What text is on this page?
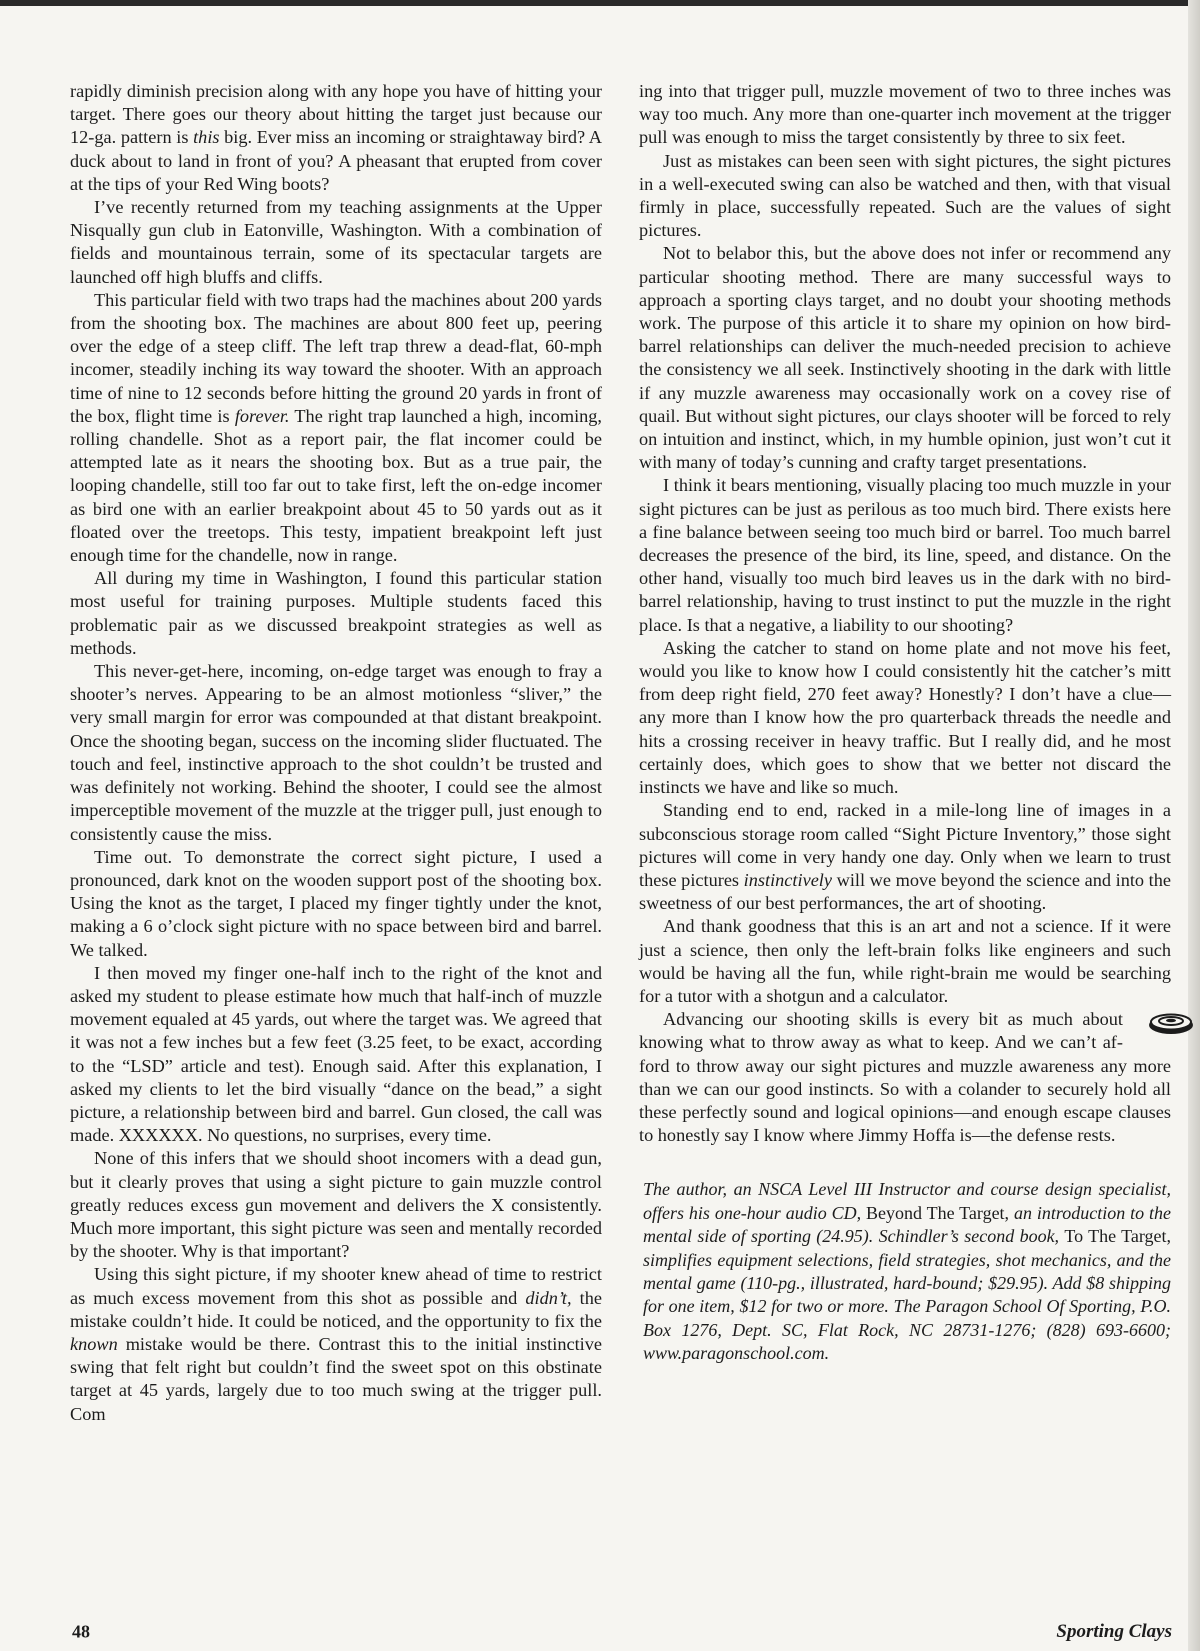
rapidly diminish precision along with any hope you have of hitting your target. There goes our theory about hitting the target just because our 12-ga. pattern is this big. Ever miss an incoming or straightaway bird? A duck about to land in front of you? A pheasant that erupted from cover at the tips of your Red Wing boots?

I’ve recently returned from my teaching assignments at the Upper Nisqually gun club in Eatonville, Washington. With a combination of fields and mountainous terrain, some of its spectacular targets are launched off high bluffs and cliffs.

This particular field with two traps had the machines about 200 yards from the shooting box. The machines are about 800 feet up, peering over the edge of a steep cliff. The left trap threw a dead-flat, 60-mph incomer, steadily inching its way toward the shooter. With an approach time of nine to 12 seconds before hitting the ground 20 yards in front of the box, flight time is forever. The right trap launched a high, incoming, rolling chandelle. Shot as a report pair, the flat incomer could be attempted late as it nears the shooting box. But as a true pair, the looping chandelle, still too far out to take first, left the on-edge incomer as bird one with an earlier breakpoint about 45 to 50 yards out as it floated over the treetops. This testy, impatient breakpoint left just enough time for the chandelle, now in range.

All during my time in Washington, I found this particular station most useful for training purposes. Multiple students faced this problematic pair as we discussed breakpoint strategies as well as methods.

This never-get-here, incoming, on-edge target was enough to fray a shooter’s nerves. Appearing to be an almost motionless “sliver,” the very small margin for error was compounded at that distant breakpoint. Once the shooting began, success on the incoming slider fluctuated. The touch and feel, instinctive approach to the shot couldn’t be trusted and was definitely not working. Behind the shooter, I could see the almost imperceptible movement of the muzzle at the trigger pull, just enough to consistently cause the miss.

Time out. To demonstrate the correct sight picture, I used a pronounced, dark knot on the wooden support post of the shooting box. Using the knot as the target, I placed my finger tightly under the knot, making a 6 o’clock sight picture with no space between bird and barrel. We talked.

I then moved my finger one-half inch to the right of the knot and asked my student to please estimate how much that half-inch of muzzle movement equaled at 45 yards, out where the target was. We agreed that it was not a few inches but a few feet (3.25 feet, to be exact, according to the “LSD” article and test). Enough said. After this explanation, I asked my clients to let the bird visually “dance on the bead,” a sight picture, a relationship between bird and barrel. Gun closed, the call was made. XXXXXX. No questions, no surprises, every time.

None of this infers that we should shoot incomers with a dead gun, but it clearly proves that using a sight picture to gain muzzle control greatly reduces excess gun movement and delivers the X consistently. Much more important, this sight picture was seen and mentally recorded by the shooter. Why is that important?

Using this sight picture, if my shooter knew ahead of time to restrict as much excess movement from this shot as possible and didn’t, the mistake couldn’t hide. It could be noticed, and the opportunity to fix the known mistake would be there. Contrast this to the initial instinctive swing that felt right but couldn’t find the sweet spot on this obstinate target at 45 yards, largely due to too much swing at the trigger pull. Com

ing into that trigger pull, muzzle movement of two to three inches was way too much. Any more than one-quarter inch movement at the trigger pull was enough to miss the target consistently by three to six feet.

Just as mistakes can been seen with sight pictures, the sight pictures in a well-executed swing can also be watched and then, with that visual firmly in place, successfully repeated. Such are the values of sight pictures.

Not to belabor this, but the above does not infer or recommend any particular shooting method. There are many successful ways to approach a sporting clays target, and no doubt your shooting methods work. The purpose of this article it to share my opinion on how bird-barrel relationships can deliver the much-needed precision to achieve the consistency we all seek. Instinctively shooting in the dark with little if any muzzle awareness may occasionally work on a covey rise of quail. But without sight pictures, our clays shooter will be forced to rely on intuition and instinct, which, in my humble opinion, just won’t cut it with many of today’s cunning and crafty target presentations.

I think it bears mentioning, visually placing too much muzzle in your sight pictures can be just as perilous as too much bird. There exists here a fine balance between seeing too much bird or barrel. Too much barrel decreases the presence of the bird, its line, speed, and distance. On the other hand, visually too much bird leaves us in the dark with no bird-barrel relationship, having to trust instinct to put the muzzle in the right place. Is that a negative, a liability to our shooting?

Asking the catcher to stand on home plate and not move his feet, would you like to know how I could consistently hit the catcher’s mitt from deep right field, 270 feet away? Honestly? I don’t have a clue—any more than I know how the pro quarterback threads the needle and hits a crossing receiver in heavy traffic. But I really did, and he most certainly does, which goes to show that we better not discard the instincts we have and like so much.

Standing end to end, racked in a mile-long line of images in a subconscious storage room called “Sight Picture Inventory,” those sight pictures will come in very handy one day. Only when we learn to trust these pictures instinctively will we move beyond the science and into the sweetness of our best performances, the art of shooting.

And thank goodness that this is an art and not a science. If it were just a science, then only the left-brain folks like engineers and such would be having all the fun, while right-brain me would be searching for a tutor with a shotgun and a calculator.

Advancing our shooting skills is every bit as much about knowing what to throw away as what to keep. And we can’t afford to throw away our sight pictures and muzzle awareness any more than we can our good instincts. So with a colander to securely hold all these perfectly sound and logical opinions—and enough escape clauses to honestly say I know where Jimmy Hoffa is—the defense rests.

The author, an NSCA Level III Instructor and course design specialist, offers his one-hour audio CD, Beyond The Target, an introduction to the mental side of sporting (24.95). Schindler’s second book, To The Target, simplifies equipment selections, field strategies, shot mechanics, and the mental game (110-pg., illustrated, hard-bound; $29.95). Add $8 shipping for one item, $12 for two or more. The Paragon School Of Sporting, P.O. Box 1276, Dept. SC, Flat Rock, NC 28731-1276; (828) 693-6600; www.paragonschool.com.

48	Sporting Clays
